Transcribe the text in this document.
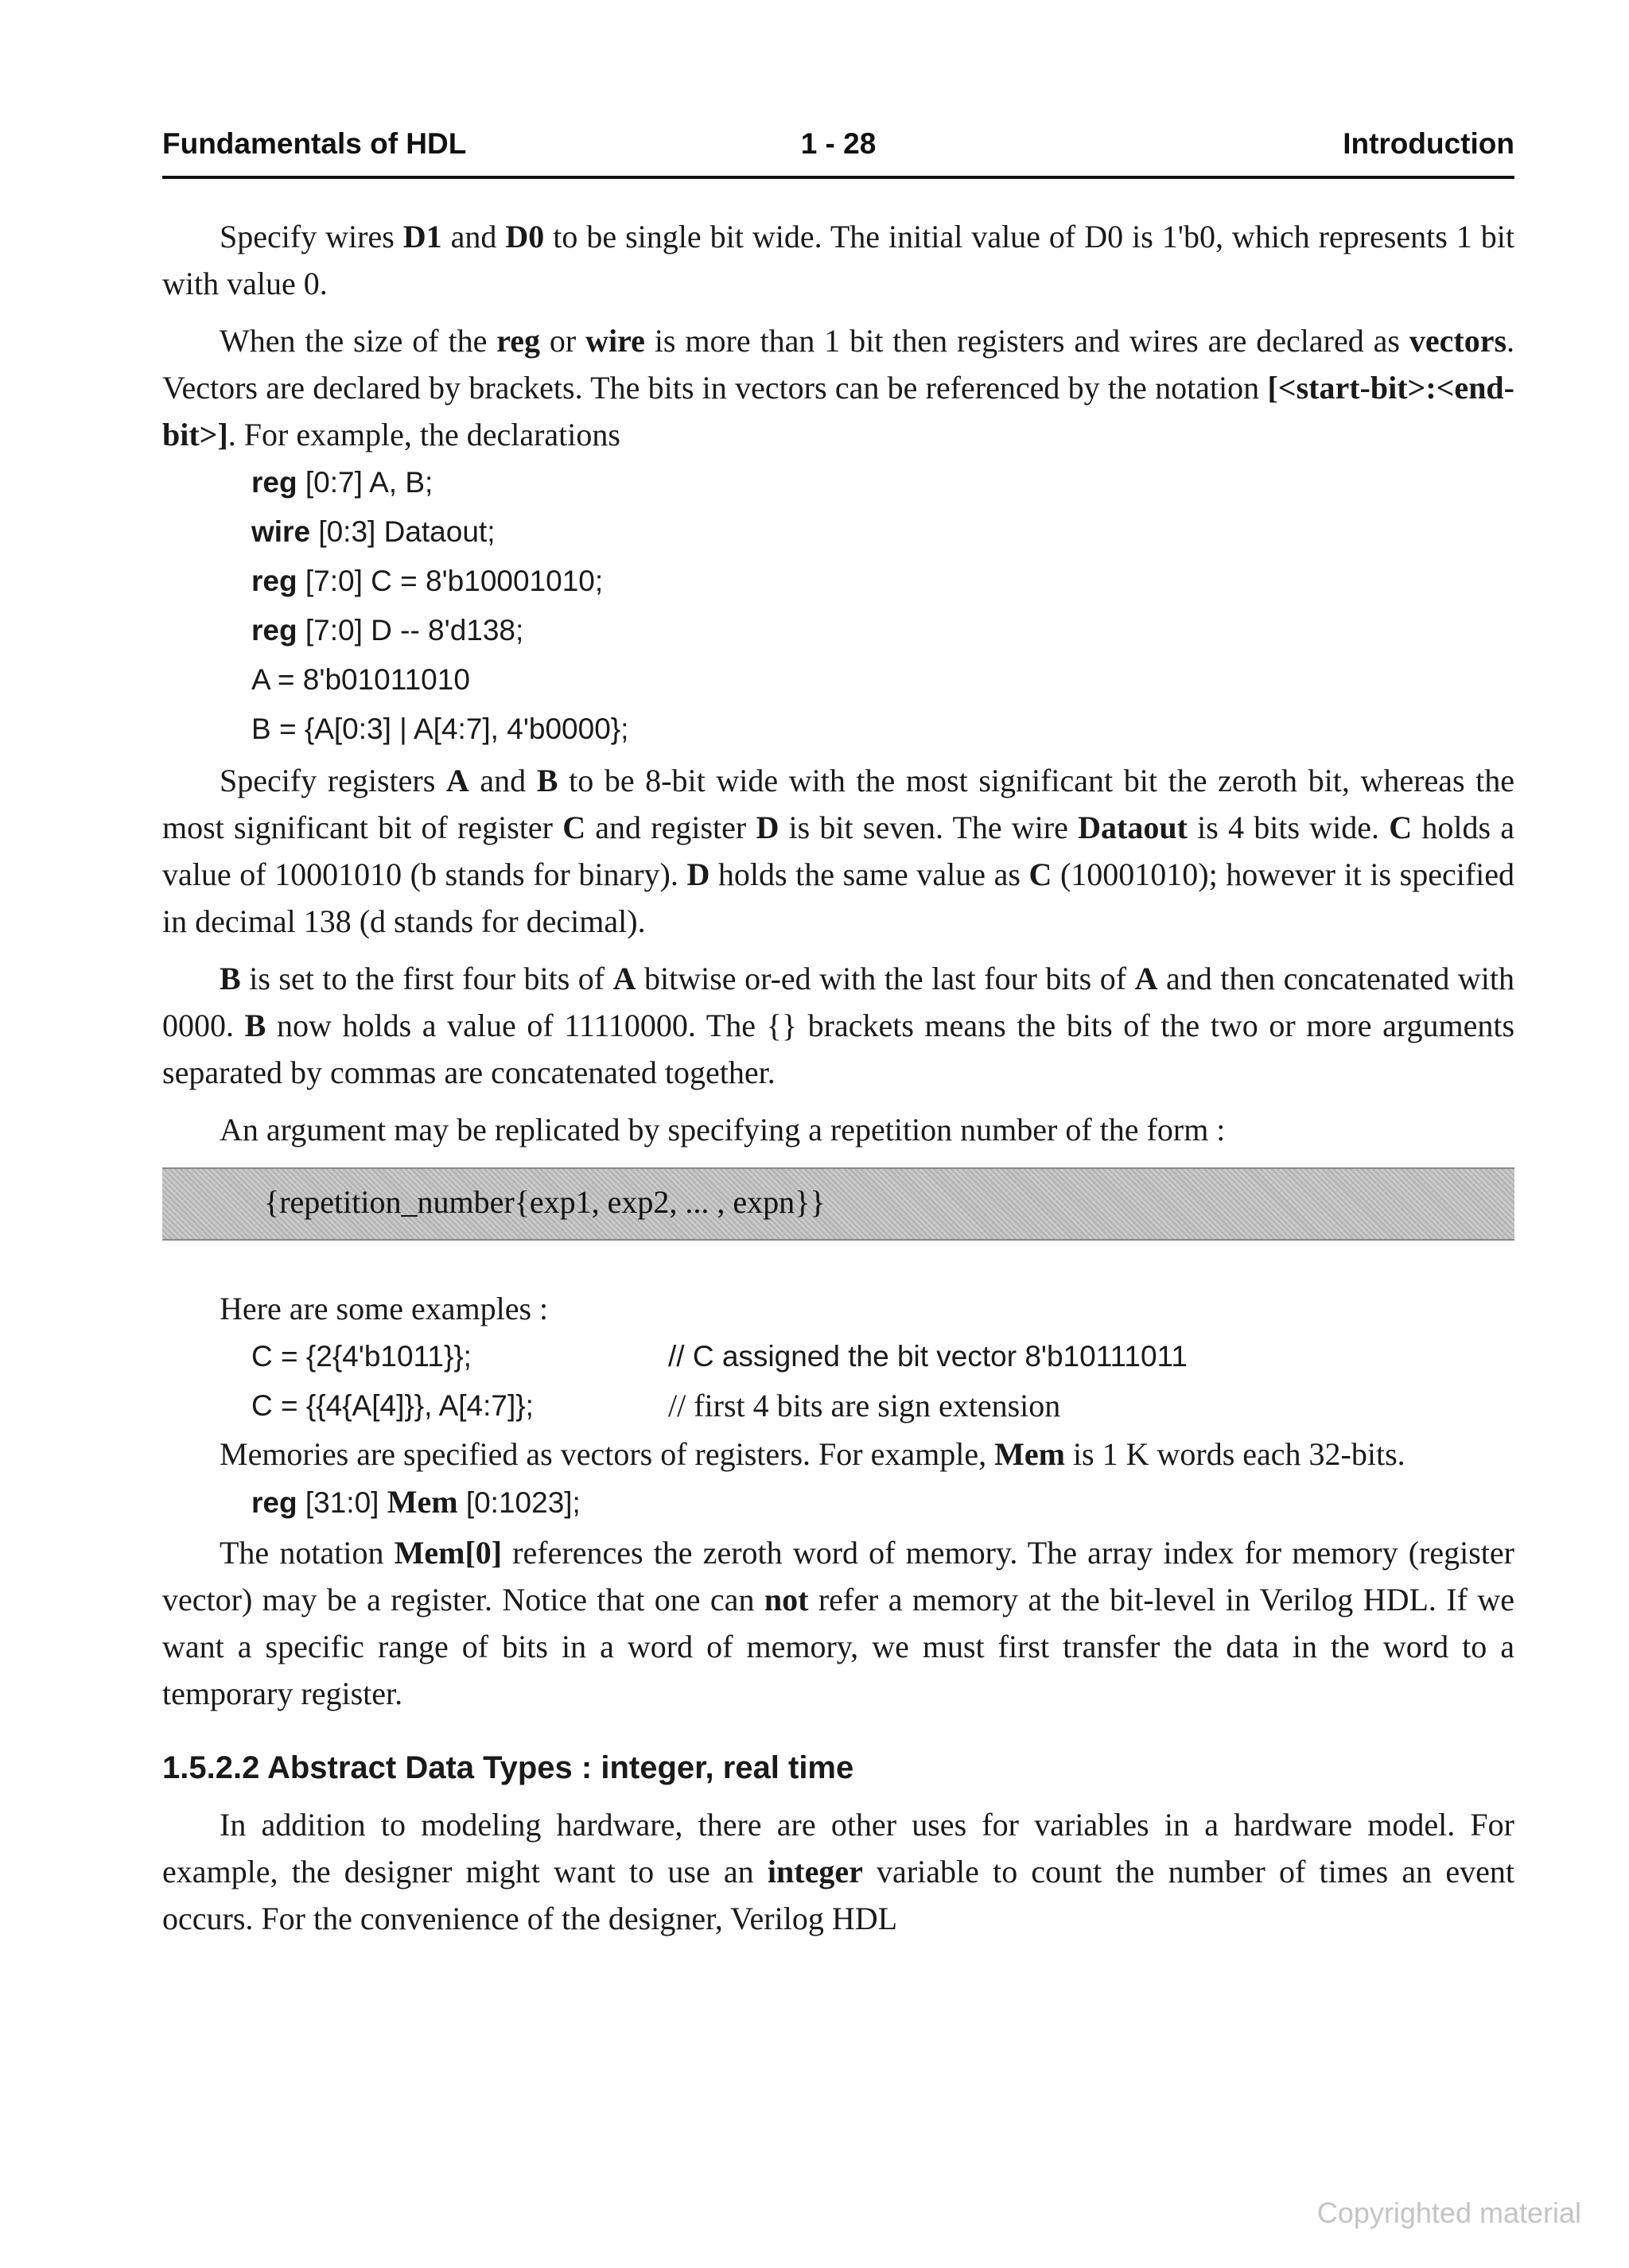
Fundamentals of HDL	1 - 28	Introduction

Specify wires D1 and D0 to be single bit wide. The initial value of D0 is 1'b0, which represents 1 bit with value 0.

When the size of the reg or wire is more than 1 bit then registers and wires are declared as vectors. Vectors are declared by brackets. The bits in vectors can be referenced by the notation [<start-bit>:<end-bit>]. For example, the declarations

reg [0:7] A, B;
wire [0:3] Dataout;
reg [7:0] C = 8'b10001010;
reg [7:0] D -- 8'd138;
A = 8'b01011010
B = {A[0:3] | A[4:7], 4'b0000};

Specify registers A and B to be 8-bit wide with the most significant bit the zeroth bit, whereas the most significant bit of register C and register D is bit seven. The wire Dataout is 4 bits wide. C holds a value of 10001010 (b stands for binary). D holds the same value as C (10001010); however it is specified in decimal 138 (d stands for decimal).

B is set to the first four bits of A bitwise or-ed with the last four bits of A and then concatenated with 0000. B now holds a value of 11110000. The {} brackets means the bits of the two or more arguments separated by commas are concatenated together.

An argument may be replicated by specifying a repetition number of the form :

{repetition_number{exp1, exp2, ... , expn}}

Here are some examples :

C = {2{4'b1011}};	// C assigned the bit vector 8'b10111011
C = {{4{A[4]}}, A[4:7]};	// first 4 bits are sign extension

Memories are specified as vectors of registers. For example, Mem is 1 K words each 32-bits.

reg [31:0] Mem [0:1023];

The notation Mem[0] references the zeroth word of memory. The array index for memory (register vector) may be a register. Notice that one can not refer a memory at the bit-level in Verilog HDL. If we want a specific range of bits in a word of memory, we must first transfer the data in the word to a temporary register.

1.5.2.2 Abstract Data Types : integer, real time

In addition to modeling hardware, there are other uses for variables in a hardware model. For example, the designer might want to use an integer variable to count the number of times an event occurs. For the convenience of the designer, Verilog HDL

Copyrighted material
